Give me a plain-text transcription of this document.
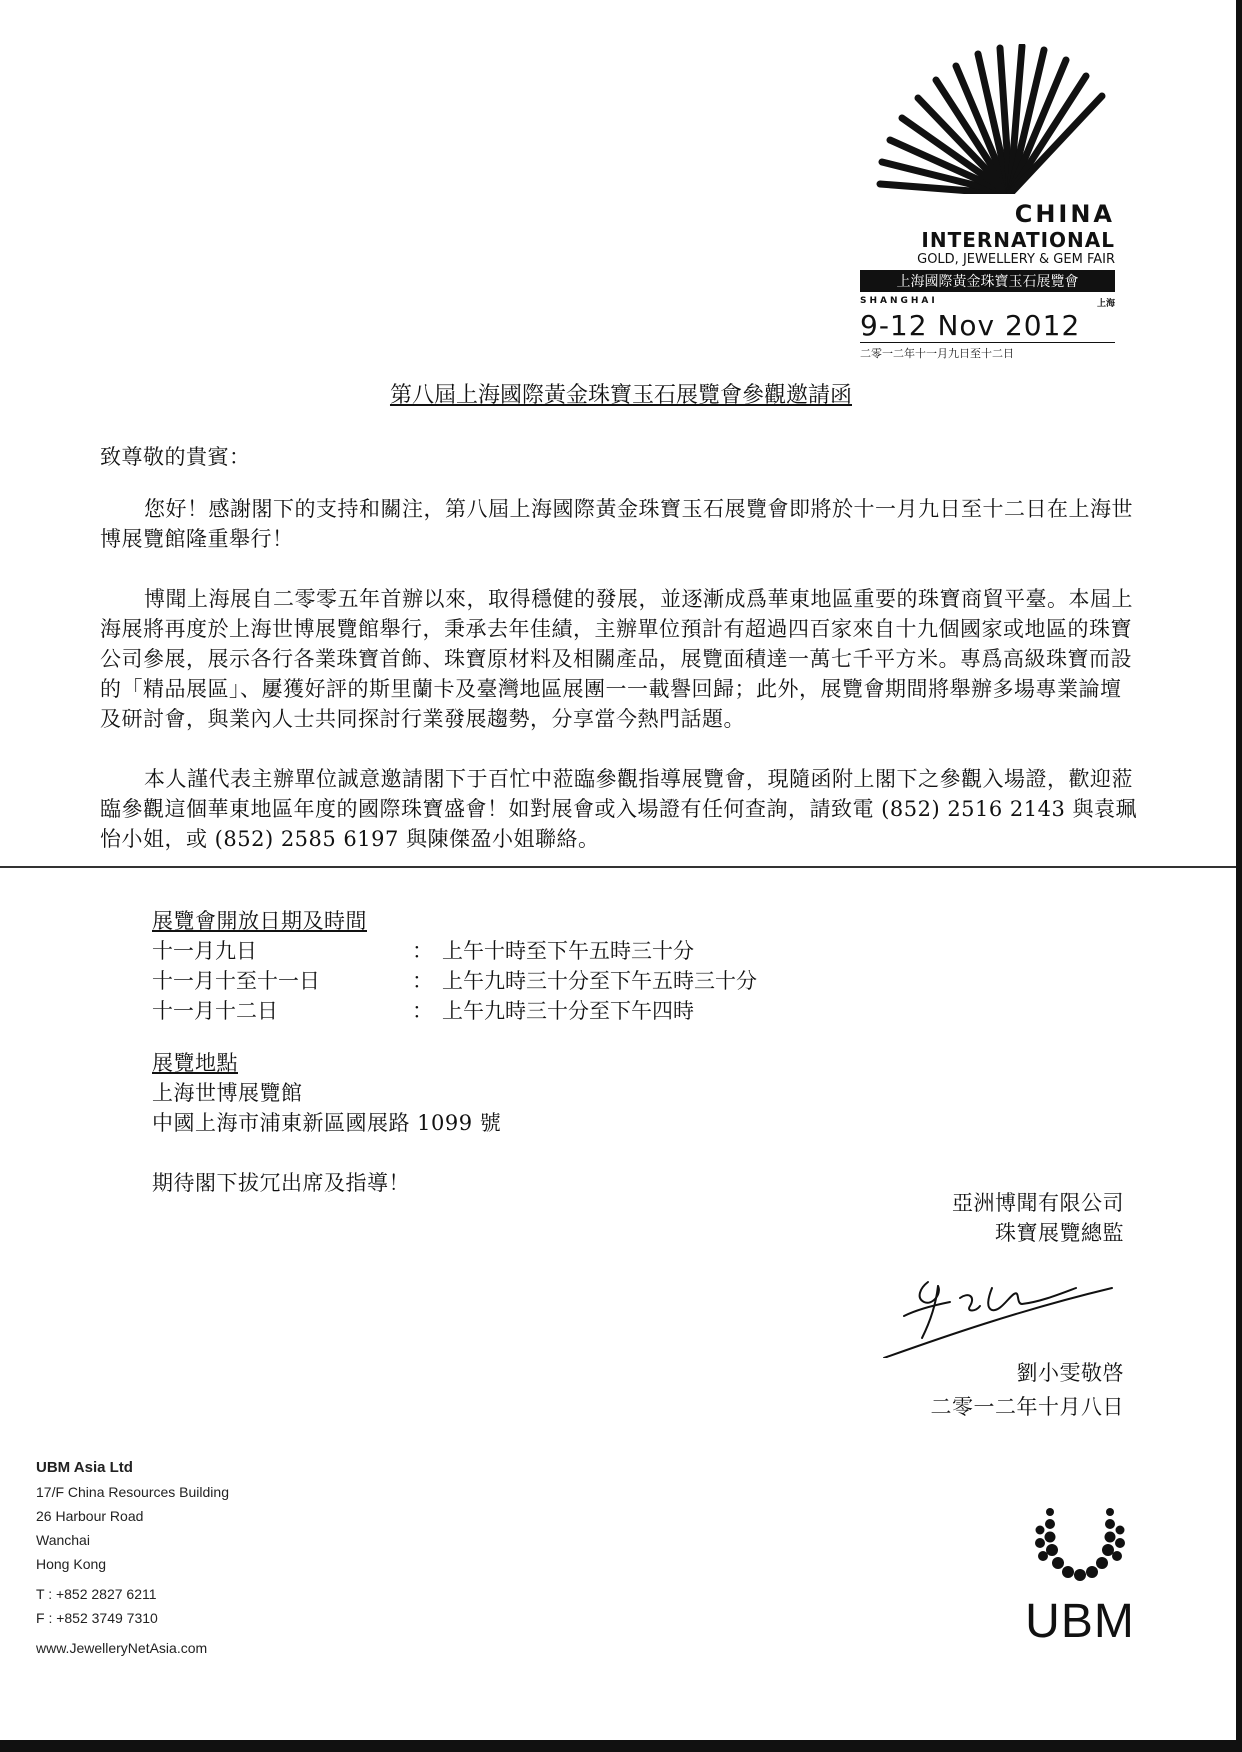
CHINA
INTERNATIONAL
GOLD, JEWELLERY & GEM FAIR
上海國際黃金珠寶玉石展覽會
SHANGHAI	上海
9-12 Nov 2012
二零一二年十一月九日至十二日
第八屆上海國際黃金珠寶玉石展覽會參觀邀請函
致尊敬的貴賓：

您好！感謝閣下的支持和關注，第八屆上海國際黃金珠寶玉石展覽會即將於十一月九日至十二日在上海世博展覽館隆重舉行！

博聞上海展自二零零五年首辦以來，取得穩健的發展，並逐漸成爲華東地區重要的珠寶商貿平臺。本屆上海展將再度於上海世博展覽館舉行，秉承去年佳績，主辦單位預計有超過四百家來自十九個國家或地區的珠寶公司參展，展示各行各業珠寶首飾、珠寶原材料及相關產品，展覽面積達一萬七千平方米。專爲高級珠寶而設的「精品展區」、屢獲好評的斯里蘭卡及臺灣地區展團一一載譽回歸；此外，展覽會期間將舉辦多場專業論壇及研討會，與業內人士共同探討行業發展趨勢，分享當今熱門話題。

本人謹代表主辦單位誠意邀請閣下于百忙中蒞臨參觀指導展覽會，現隨函附上閣下之參觀入場證，歡迎蒞臨參觀這個華東地區年度的國際珠寶盛會！如對展會或入場證有任何查詢，請致電 (852) 2516 2143 與袁珮怡小姐，或 (852) 2585 6197 與陳傑盈小姐聯絡。

展覽會開放日期及時間
十一月九日	： 上午十時至下午五時三十分
十一月十至十一日	： 上午九時三十分至下午五時三十分
十一月十二日	： 上午九時三十分至下午四時
展覽地點
上海世博展覽館
中國上海市浦東新區國展路 1099 號
期待閣下拔冗出席及指導！
亞洲博聞有限公司
珠寶展覽總監
劉小雯敬啓
二零一二年十月八日
UBM Asia Ltd
17/F China Resources Building
26 Harbour Road
Wanchai
Hong Kong
T : +852 2827 6211
F : +852 3749 7310
www.JewelleryNetAsia.com	UBM
